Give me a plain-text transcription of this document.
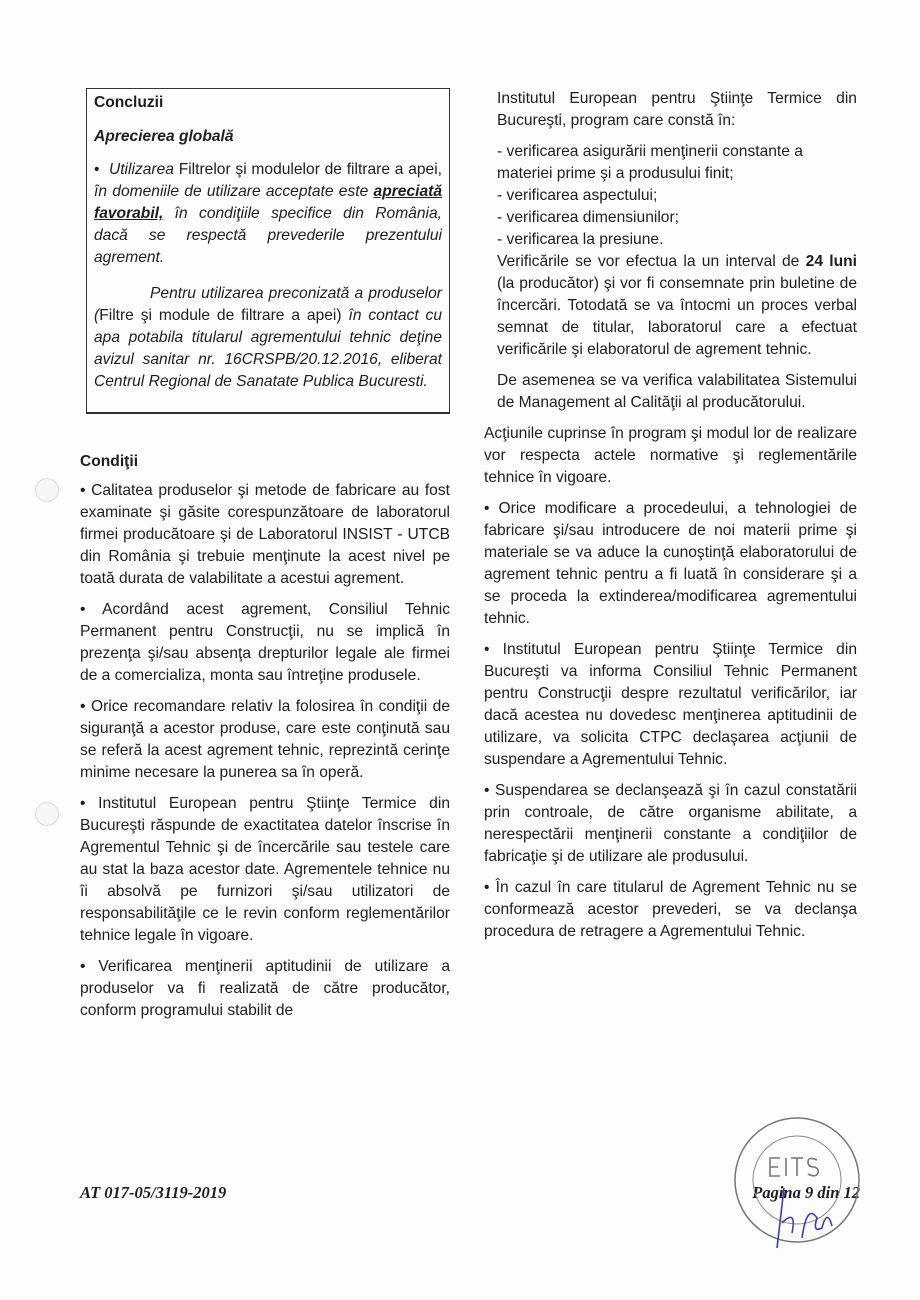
Concluzii
Aprecierea globală

•  Utilizarea Filtrelor şi modulelor de filtrare a apei, în domeniile de utilizare acceptate este apreciată favorabil, în condiţiile specifice din România, dacă se respectă prevederile prezentului agrement.

Pentru utilizarea preconizată a produselor (Filtre şi module de filtrare a apei) în contact cu apa potabila titularul agrementului tehnic deţine avizul sanitar nr. 16CRSPB/20.12.2016, eliberat Centrul Regional de Sanatate Publica Bucuresti.

Condiţii

• Calitatea produselor şi metode de fabricare au fost examinate şi găsite corespunzătoare de laboratorul firmei producătoare şi de Laboratorul INSIST - UTCB din România şi trebuie menţinute la acest nivel pe toată durata de valabilitate a acestui agrement.

• Acordând acest agrement, Consiliul Tehnic Permanent pentru Construcţii, nu se implică în prezenţa şi/sau absenţa drepturilor legale ale firmei de a comercializa, monta sau întreţine produsele.

• Orice recomandare relativ la folosirea în condiţii de siguranţă a acestor produse, care este conţinută sau se referă la acest agrement tehnic, reprezintă cerinţe minime necesare la punerea sa în operă.

• Institutul European pentru Ştiinţe Termice din Bucureşti răspunde de exactitatea datelor înscrise în Agrementul Tehnic şi de încercările sau testele care au stat la baza acestor date. Agrementele tehnice nu îi absolvă pe furnizori şi/sau utilizatori de responsabilităţile ce le revin conform reglementărilor tehnice legale în vigoare.

• Verificarea menţinerii aptitudinii de utilizare a produselor va fi realizată de către producător, conform programului stabilit de

Institutul European pentru Ştiinţe Termice din Bucureşti, program care constă în:

- verificarea asigurării menţinerii constante a materiei prime şi a produsului finit;
- verificarea aspectului;
- verificarea dimensiunilor;
- verificarea la presiune.

Verificările se vor efectua la un interval de 24 luni (la producător) şi vor fi consemnate prin buletine de încercări. Totodată se va întocmi un proces verbal semnat de titular, laboratorul care a efectuat verificările şi elaboratorul de agrement tehnic.

De asemenea se va verifica valabilitatea Sistemului de Management al Calităţii al producătorului.

Acţiunile cuprinse în program şi modul lor de realizare vor respecta actele normative şi reglementările tehnice în vigoare.

• Orice modificare a procedeului, a tehnologiei de fabricare şi/sau introducere de noi materii prime şi materiale se va aduce la cunoştinţă elaboratorului de agrement tehnic pentru a fi luată în considerare şi a se proceda la extinderea/modificarea agrementului tehnic.

• Institutul European pentru Ştiinţe Termice din Bucureşti va informa Consiliul Tehnic Permanent pentru Construcţii despre rezultatul verificărilor, iar dacă acestea nu dovedesc menţinerea aptitudinii de utilizare, va solicita CTPC declaşarea acţiunii de suspendare a Agrementului Tehnic.

• Suspendarea se declanşează şi în cazul constatării prin controale, de către organisme abilitate, a nerespectării menţinerii constante a condiţiilor de fabricaţie şi de utilizare ale produsului.

• În cazul în care titularul de Agrement Tehnic nu se conformează acestor prevederi, se va declanşa procedura de retragere a Agrementului Tehnic.

AT 017-05/3119-2019	Pagina 9 din 12
